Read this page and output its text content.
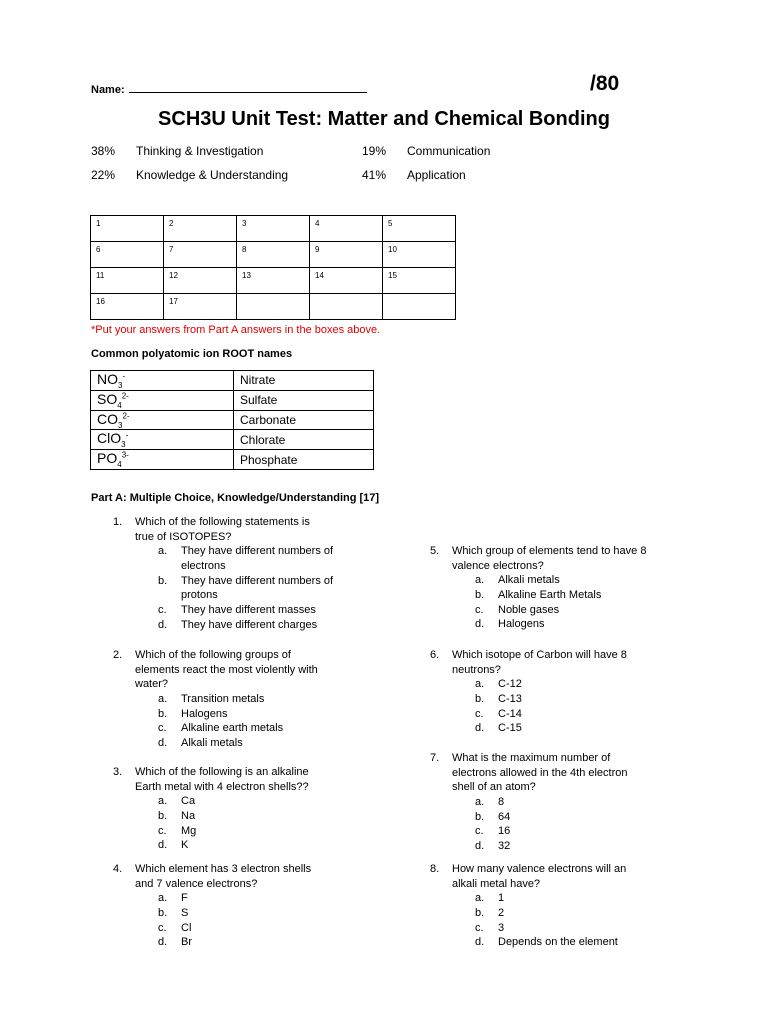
Name:	/80
SCH3U Unit Test: Matter and Chemical Bonding
38% Thinking & Investigation	19% Communication
22% Knowledge & Understanding	41% Application
1	2	3	4	5
6	7	8	9	10
11	12	13	14	15
16	17			
*Put your answers from Part A answers in the boxes above.
Common polyatomic ion ROOT names
$NO_3^-$	Nitrate
$SO_4^{2-}$	Sulfate
$CO_3^{2-}$	Carbonate
ClO$_3$-	Chlorate
$PO_4^{3-}$	Phosphate
Part A: Multiple Choice, Knowledge/Understanding [17]
1. Which of the following statements is
true of ISOTOPES?
a. They have different numbers of
electrons
b. They have different numbers of
protons
c. They have different masses
d. They have different charges
2. Which of the following groups of
elements react the most violently with
water?
a. Transition metals
b. Halogens
c. Alkaline earth metals
d. Alkali metals
3. Which of the following is an alkaline
Earth metal with 4 electron shells??
a. Ca
b. Na
c. Mg
d. K
4. Which element has 3 electron shells
and 7 valence electrons?
a. F
b. S
c. Cl
d. Br
5. Which group of elements tend to have 8
valence electrons?
a. Alkali metals
b. Alkaline Earth Metals
c. Noble gases
d. Halogens
6. Which isotope of Carbon will have 8
neutrons?
a. C-12
b. C-13
c. C-14
d. C-15
7. What is the maximum number of
electrons allowed in the 4th electron
shell of an atom?
a. 8
b. 64
c. 16
d. 32
8. How many valence electrons will an
alkali metal have?
a. 1
b. 2
c. 3
d. Depends on the element
